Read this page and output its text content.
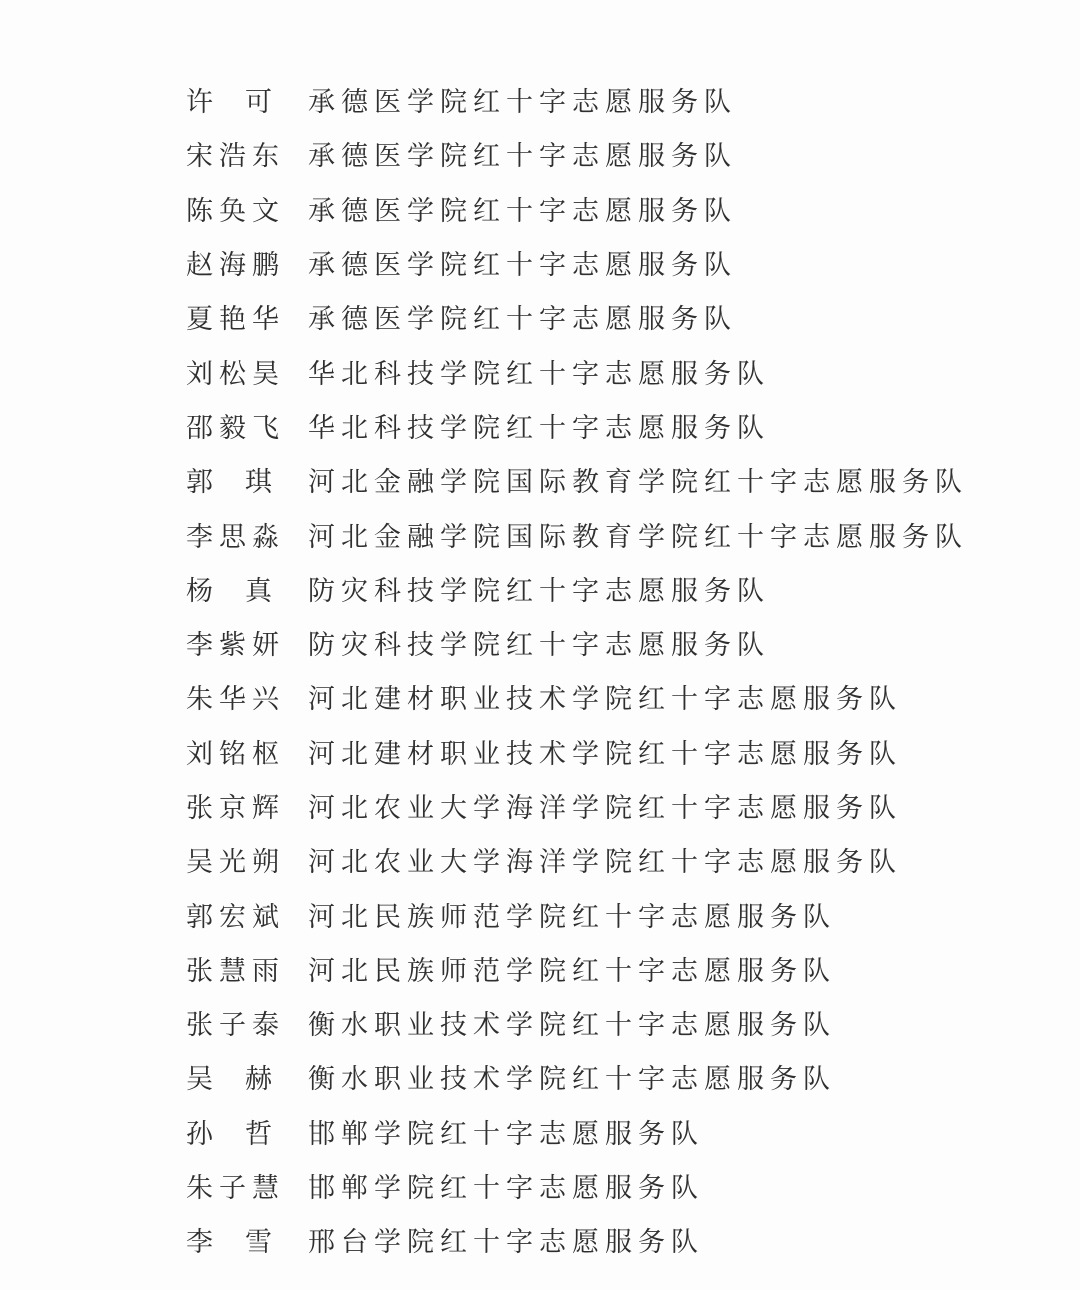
许可 承德医学院红十字志愿服务队
宋浩东 承德医学院红十字志愿服务队
陈奂文 承德医学院红十字志愿服务队
赵海鹏 承德医学院红十字志愿服务队
夏艳华 承德医学院红十字志愿服务队
刘松昊 华北科技学院红十字志愿服务队
邵毅飞 华北科技学院红十字志愿服务队
郭琪 河北金融学院国际教育学院红十字志愿服务队
李思淼 河北金融学院国际教育学院红十字志愿服务队
杨真 防灾科技学院红十字志愿服务队
李紫妍 防灾科技学院红十字志愿服务队
朱华兴 河北建材职业技术学院红十字志愿服务队
刘铭枢 河北建材职业技术学院红十字志愿服务队
张京辉 河北农业大学海洋学院红十字志愿服务队
吴光朔 河北农业大学海洋学院红十字志愿服务队
郭宏斌 河北民族师范学院红十字志愿服务队
张慧雨 河北民族师范学院红十字志愿服务队
张子泰 衡水职业技术学院红十字志愿服务队
吴赫 衡水职业技术学院红十字志愿服务队
孙哲 邯郸学院红十字志愿服务队
朱子慧 邯郸学院红十字志愿服务队
李雪 邢台学院红十字志愿服务队
